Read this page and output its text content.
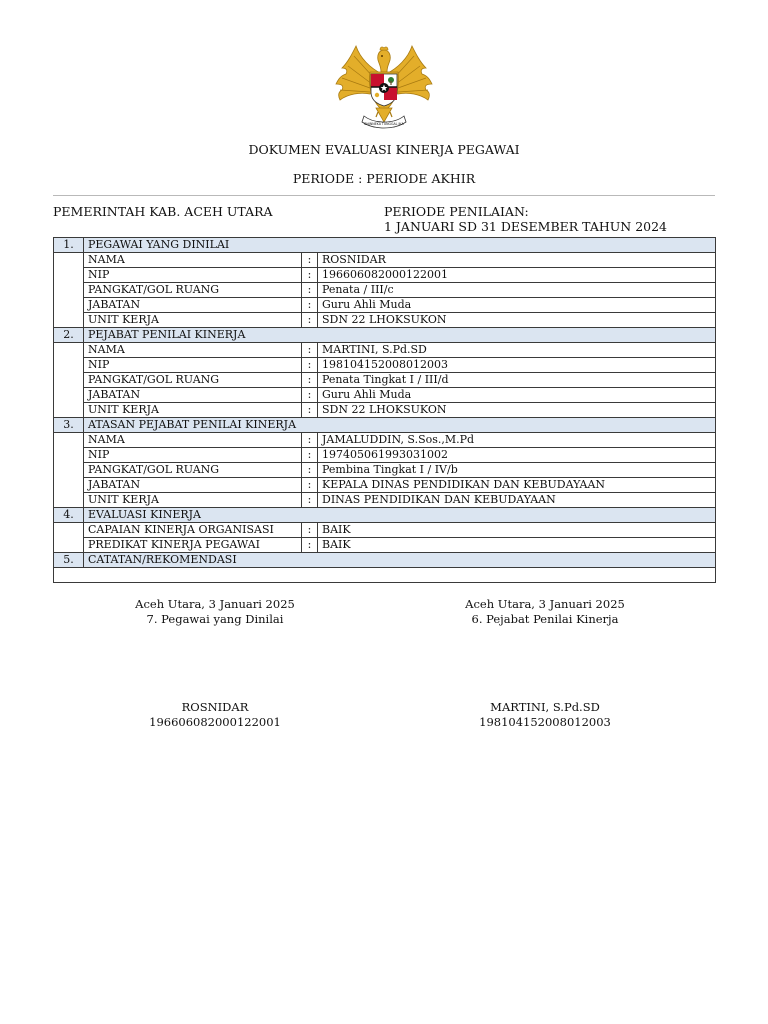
BHINNEKA TUNGGAL IKA
DOKUMEN EVALUASI KINERJA PEGAWAI
PERIODE : PERIODE AKHIR
PEMERINTAH KAB. ACEH UTARA	PERIODE PENILAIAN:
1 JANUARI SD 31 DESEMBER TAHUN 2024
1.	PEGAWAI YANG DINILAI		
	NAMA	:	ROSNIDAR
	NIP	:	196606082000122001
	PANGKAT/GOL RUANG	:	Penata / III/c
	JABATAN	:	Guru Ahli Muda
	UNIT KERJA	:	SDN 22 LHOKSUKON
2.	PEJABAT PENILAI KINERJA		
	NAMA	:	MARTINI, S.Pd.SD
	NIP	:	198104152008012003
	PANGKAT/GOL RUANG	:	Penata Tingkat I / III/d
	JABATAN	:	Guru Ahli Muda
	UNIT KERJA	:	SDN 22 LHOKSUKON
3.	ATASAN PEJABAT PENILAI KINERJA		
	NAMA	:	JAMALUDDIN, S.Sos.,M.Pd
	NIP	:	197405061993031002
	PANGKAT/GOL RUANG	:	Pembina Tingkat I / IV/b
	JABATAN	:	KEPALA DINAS PENDIDIKAN DAN KEBUDAYAAN
	UNIT KERJA	:	DINAS PENDIDIKAN DAN KEBUDAYAAN
4.	EVALUASI KINERJA		
	CAPAIAN KINERJA ORGANISASI	:	BAIK
	PREDIKAT KINERJA PEGAWAI	:	BAIK
5.	CATATAN/REKOMENDASI		

Aceh Utara, 3 Januari 2025
7. Pegawai yang Dinilai
Aceh Utara, 3 Januari 2025
6. Pejabat Penilai Kinerja
ROSNIDAR
196606082000122001
MARTINI, S.Pd.SD
198104152008012003
